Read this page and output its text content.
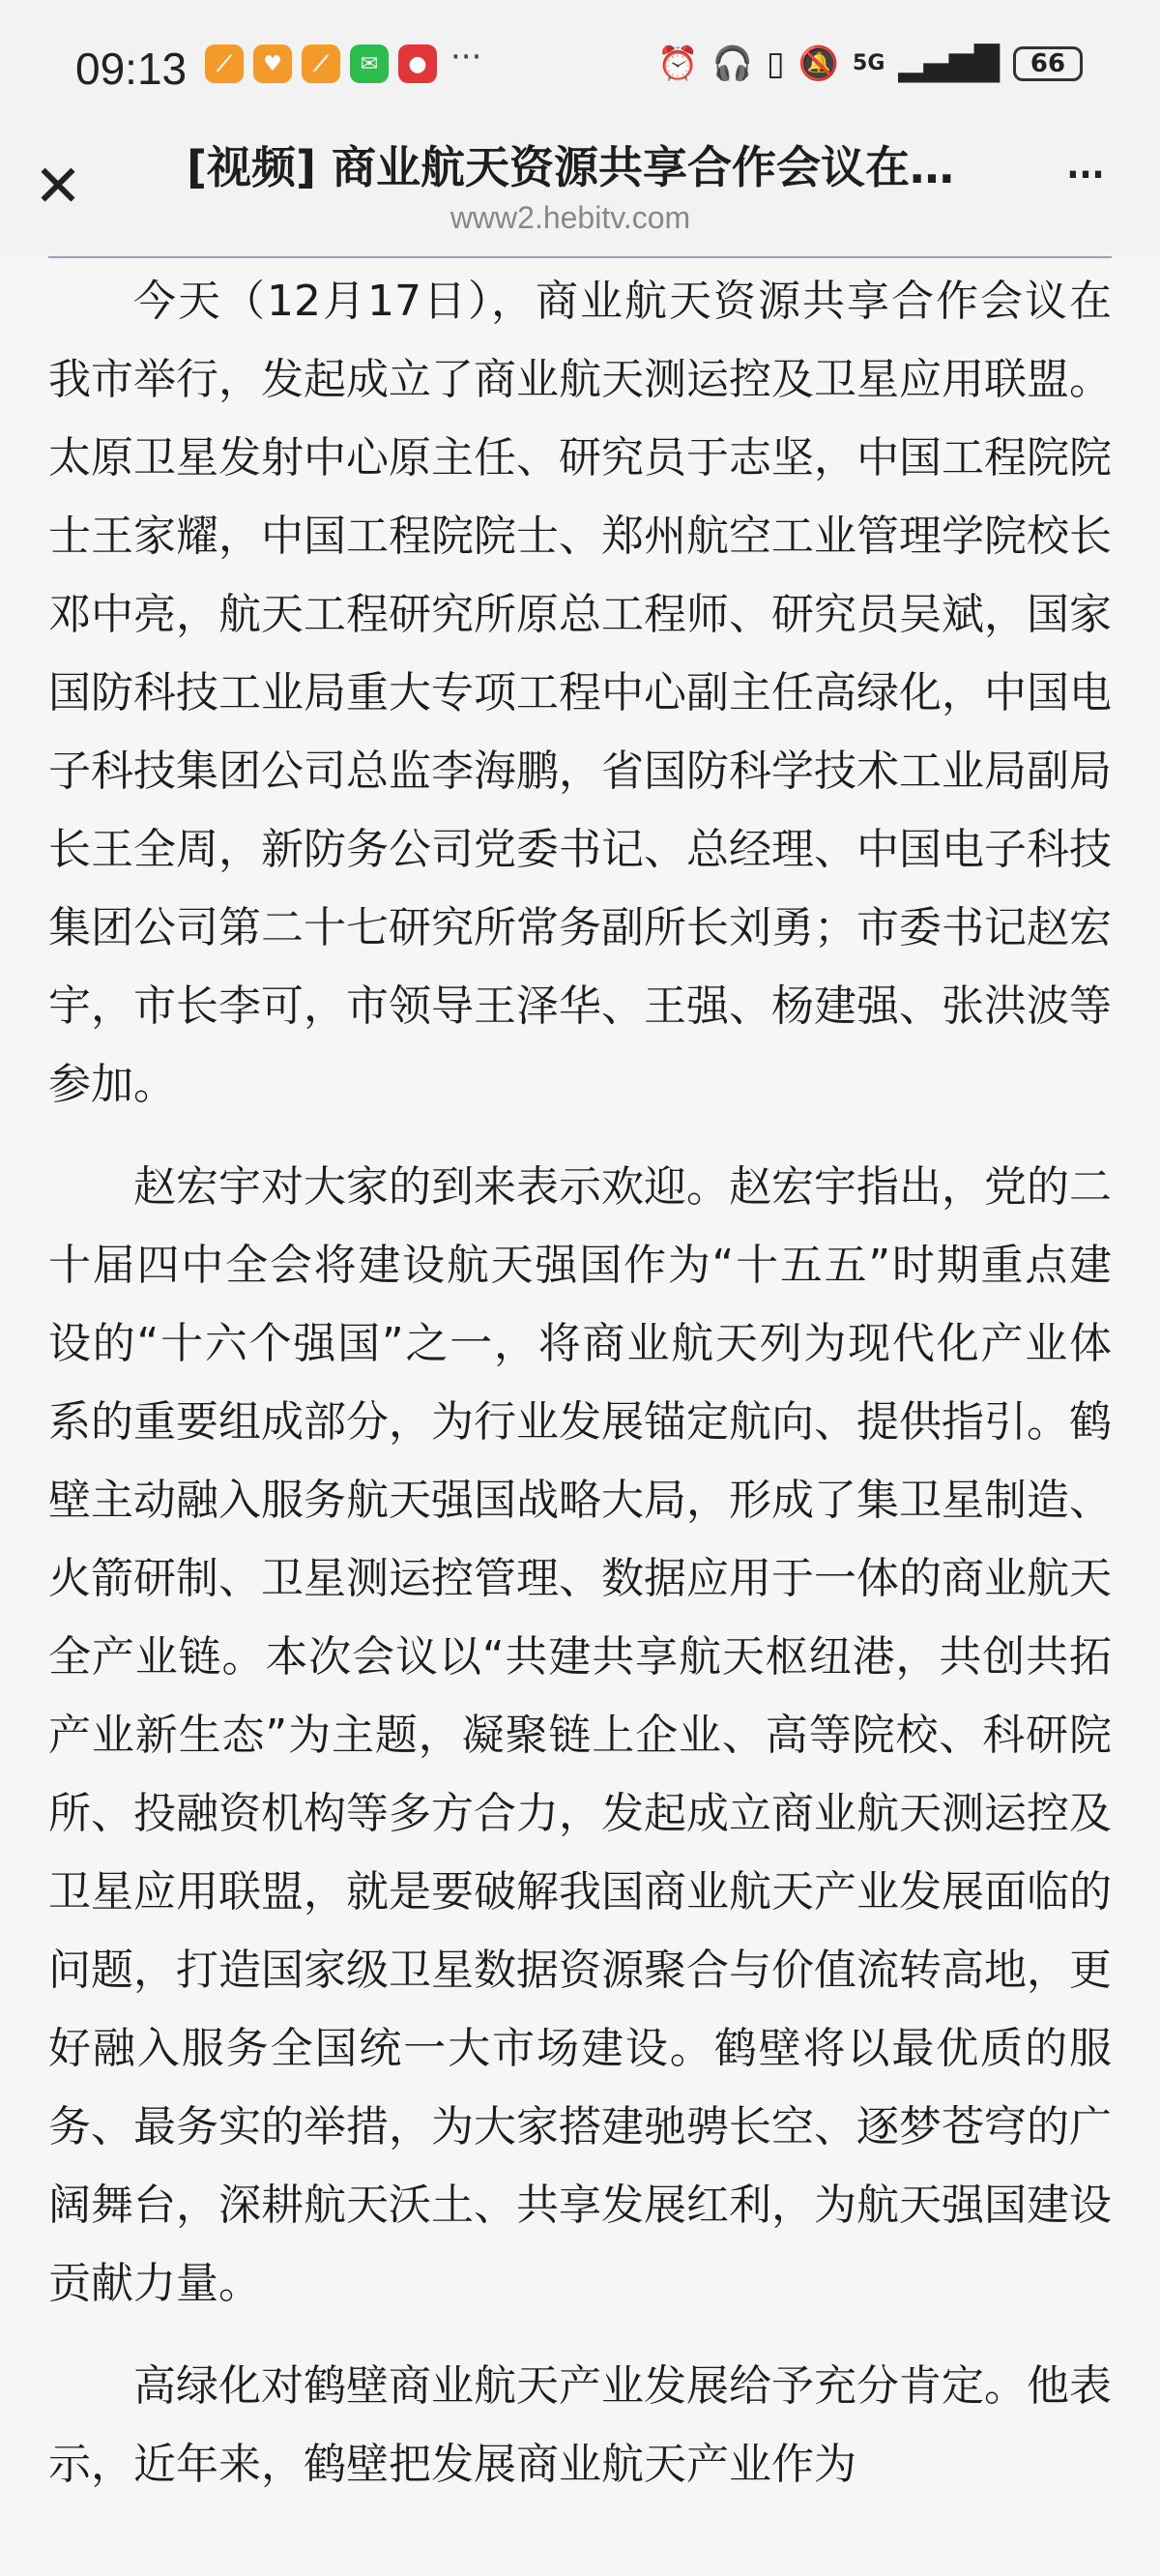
09:13	⟋	♥	⟋	✉	● ···	⏰ 🎧 ▯ 🔕 5G ▂▄▆█ 66
✕	[视频] 商业航天资源共享合作会议在…
www2.hebitv.com
···

今天（12月17日），商业航天资源共享合作会议在我市举行，发起成立了商业航天测运控及卫星应用联盟。太原卫星发射中心原主任、研究员于志坚，中国工程院院士王家耀，中国工程院院士、郑州航空工业管理学院校长邓中亮，航天工程研究所原总工程师、研究员吴斌，国家国防科技工业局重大专项工程中心副主任高绿化，中国电子科技集团公司总监李海鹏，省国防科学技术工业局副局长王全周，新防务公司党委书记、总经理、中国电子科技集团公司第二十七研究所常务副所长刘勇；市委书记赵宏宇，市长李可，市领导王泽华、王强、杨建强、张洪波等参加。

赵宏宇对大家的到来表示欢迎。赵宏宇指出，党的二十届四中全会将建设航天强国作为“十五五”时期重点建设的“十六个强国”之一，将商业航天列为现代化产业体系的重要组成部分，为行业发展锚定航向、提供指引。鹤壁主动融入服务航天强国战略大局，形成了集卫星制造、火箭研制、卫星测运控管理、数据应用于一体的商业航天全产业链。本次会议以“共建共享航天枢纽港，共创共拓产业新生态”为主题，凝聚链上企业、高等院校、科研院所、投融资机构等多方合力，发起成立商业航天测运控及卫星应用联盟，就是要破解我国商业航天产业发展面临的问题，打造国家级卫星数据资源聚合与价值流转高地，更好融入服务全国统一大市场建设。鹤壁将以最优质的服务、最务实的举措，为大家搭建驰骋长空、逐梦苍穹的广阔舞台，深耕航天沃土、共享发展红利，为航天强国建设贡献力量。

高绿化对鹤壁商业航天产业发展给予充分肯定。他表示，近年来，鹤壁把发展商业航天产业作为
